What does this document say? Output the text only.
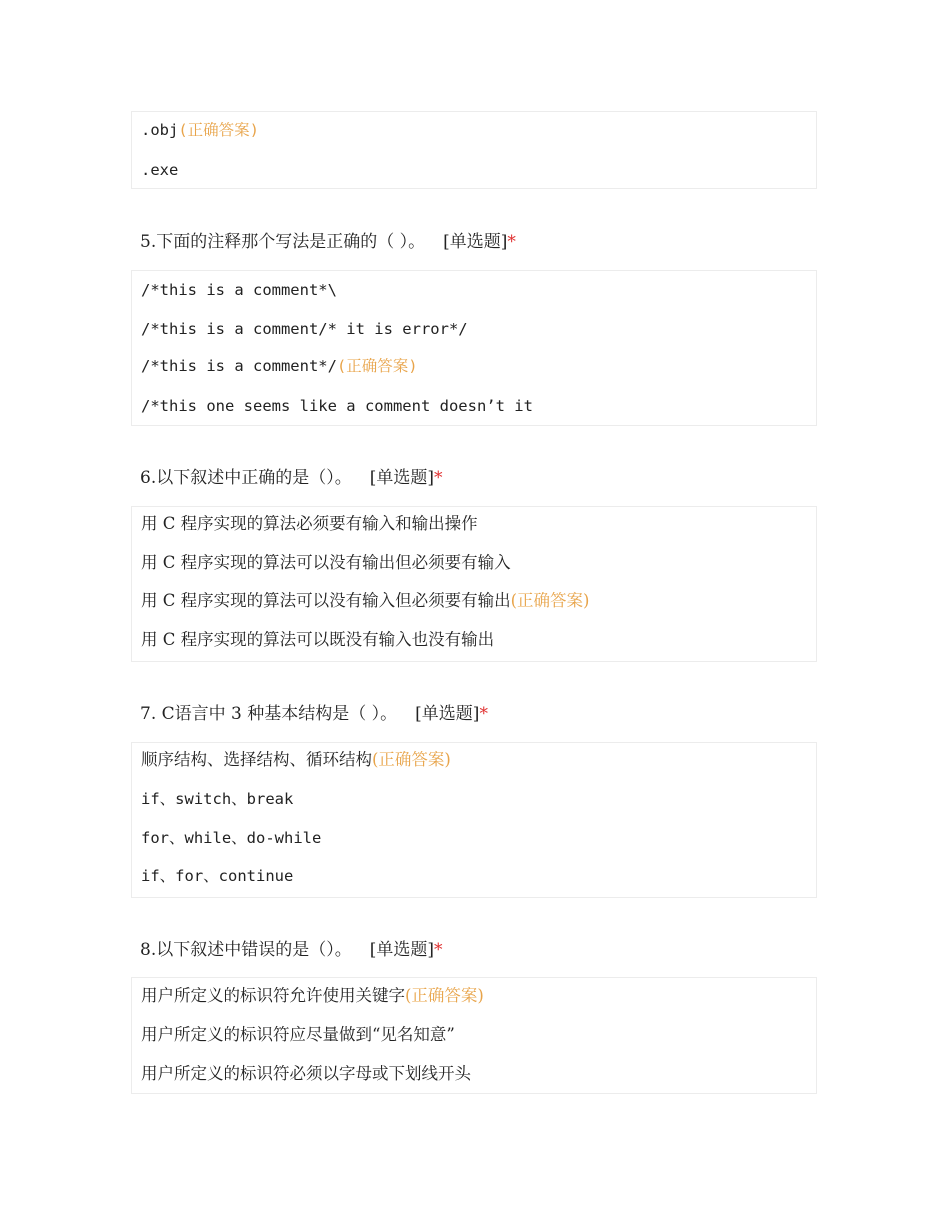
.obj(正确答案)
.exe
5.下面的注释那个写法是正确的（ ）。 [单选题]*
/*this is a comment*\
/*this is a comment/* it is error*/
/*this is a comment*/(正确答案)
/*this one seems like a comment doesn’t it
6.以下叙述中正确的是（）。 [单选题]*
用 C 程序实现的算法必须要有输入和输出操作
用 C 程序实现的算法可以没有输出但必须要有输入
用 C 程序实现的算法可以没有输入但必须要有输出(正确答案)
用 C 程序实现的算法可以既没有输入也没有输出
7. C语言中 3 种基本结构是（ ）。 [单选题]*
顺序结构、选择结构、循环结构(正确答案)
if、switch、break
for、while、do-while
if、for、continue
8.以下叙述中错误的是（）。 [单选题]*
用户所定义的标识符允许使用关键字(正确答案)
用户所定义的标识符应尽量做到“见名知意”
用户所定义的标识符必须以字母或下划线开头
